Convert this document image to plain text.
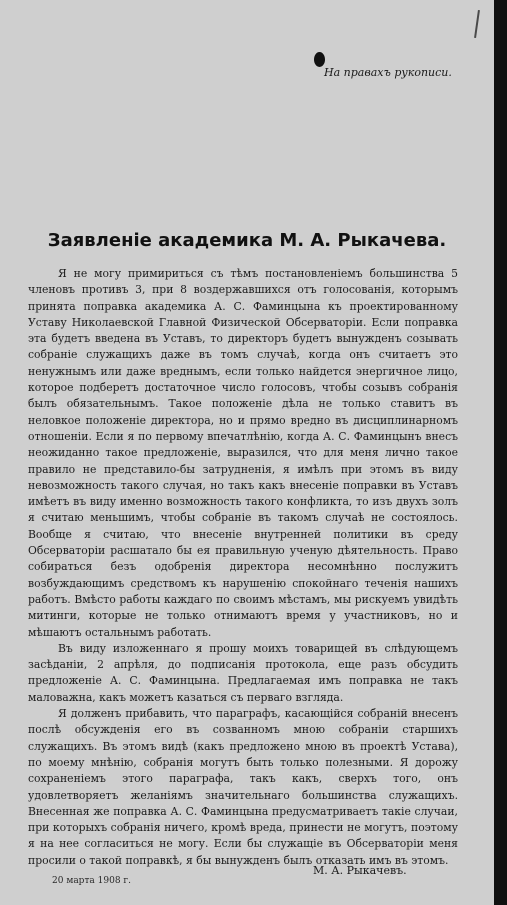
На правахъ рукописи.
Заявленіе академика М. А. Рыкачева.

Я не могу примириться съ тѣмъ постановленіемъ большинства 5 членовъ противъ 3, при 8 воздержавшихся отъ голосованія, которымъ принята поправка академика А. С. Фаминцына къ проектированному Уставу Николаевской Главной Физической Обсерваторіи. Если поправка эта будетъ введена въ Уставъ, то директоръ будетъ вынужденъ созывать собраніе служащихъ даже въ томъ случаѣ, когда онъ считаетъ это ненужнымъ или даже вреднымъ, если только найдется энергичное лицо, которое подберетъ достаточное число голосовъ, чтобы созывъ собранія былъ обязательнымъ. Такое положеніе дѣла не только ставитъ въ неловкое положеніе директора, но и прямо вредно въ дисциплинарномъ отношеніи. Если я по первому впечатлѣнію, когда А. С. Фаминцынъ внесъ неожиданно такое предложеніе, выразился, что для меня лично такое правило не представило-бы затрудненія, я имѣлъ при этомъ въ виду невозможность такого случая, но такъ какъ внесеніе поправки въ Уставъ имѣетъ въ виду именно возможность такого конфликта, то изъ двухъ золъ я считаю меньшимъ, чтобы собраніе въ такомъ случаѣ не состоялось. Вообще я считаю, что внесеніе внутренней политики въ среду Обсерваторіи расшатало бы ея правильную ученую дѣятельность. Право собираться безъ одобренія директора несомнѣнно послужитъ возбуждающимъ средствомъ къ нарушенію спокойнаго теченія нашихъ работъ. Вмѣсто работы каждаго по своимъ мѣстамъ, мы рискуемъ увидѣть митинги, которые не только отнимаютъ время у участниковъ, но и мѣшаютъ остальнымъ работать.

Въ виду изложеннаго я прошу моихъ товарищей въ слѣдующемъ засѣданіи, 2 апрѣля, до подписанія протокола, еще разъ обсудить предложеніе А. С. Фаминцына. Предлагаемая имъ поправка не такъ маловажна, какъ можетъ казаться съ перваго взгляда.

Я долженъ прибавить, что параграфъ, касающійся собраній внесенъ послѣ обсужденія его въ созванномъ мною собраніи старшихъ служащихъ. Въ этомъ видѣ (какъ предложено мною въ проектѣ Устава), по моему мнѣнію, собранія могутъ быть только полезными. Я дорожу сохраненіемъ этого параграфа, такъ какъ, сверхъ того, онъ удовлетворяетъ желаніямъ значительнаго большинства служащихъ. Внесенная же поправка А. С. Фаминцына предусматриваетъ такіе случаи, при которыхъ собранія ничего, кромѣ вреда, принести не могутъ, поэтому я на нее согласиться не могу. Если бы служащіе въ Обсерваторіи меня просили о такой поправкѣ, я бы вынужденъ былъ отказать имъ въ этомъ.

М. А. Рыкачевъ.
20 марта 1908 г.
